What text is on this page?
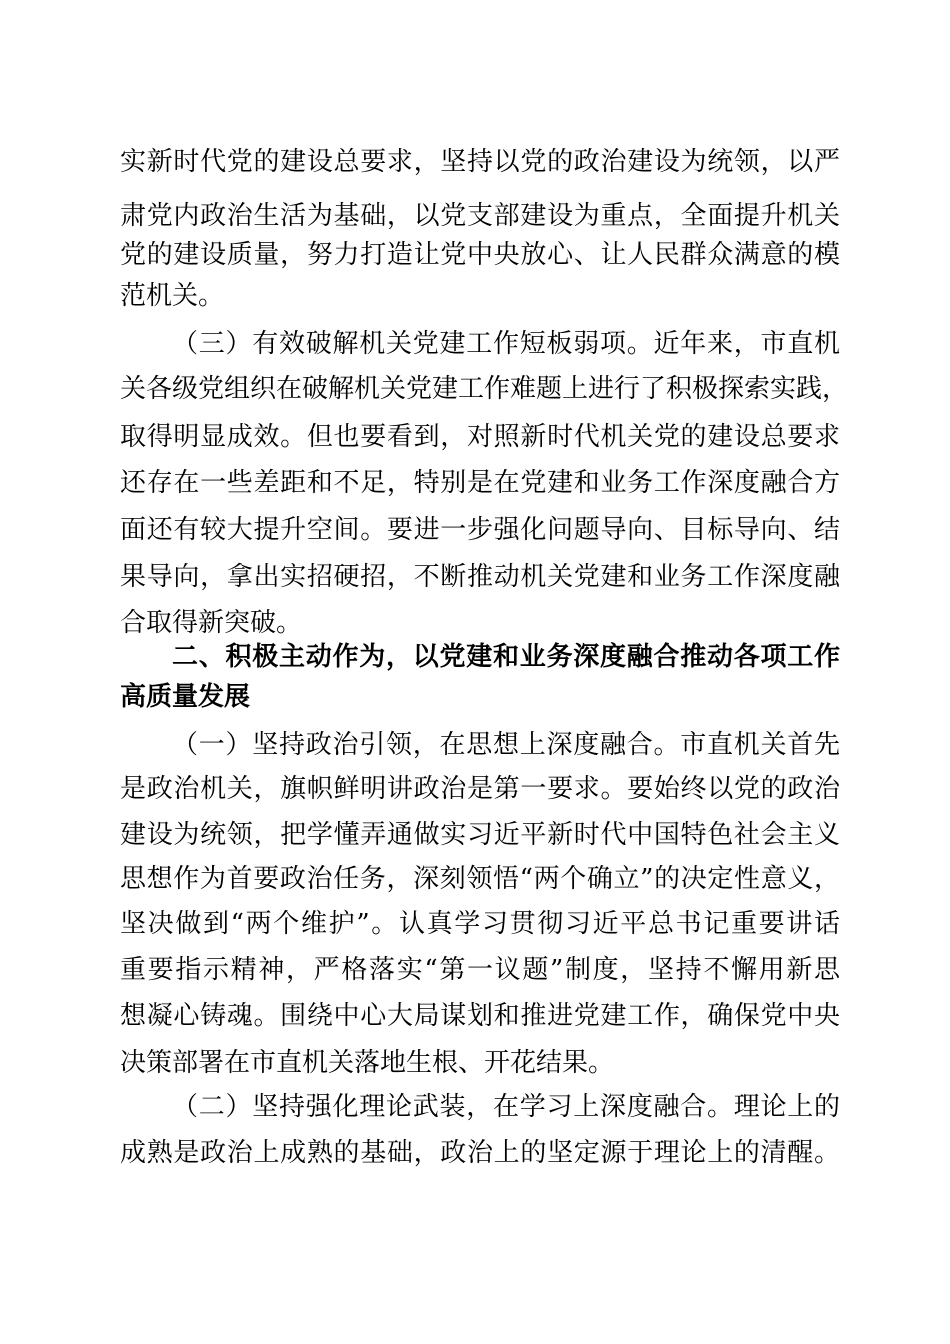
实新时代党的建设总要求，坚持以党的政治建设为统领，以严
肃党内政治生活为基础，以党支部建设为重点，全面提升机关
党的建设质量，努力打造让党中央放心、让人民群众满意的模
范机关。
（三）有效破解机关党建工作短板弱项。近年来，市直机
关各级党组织在破解机关党建工作难题上进行了积极探索实践，
取得明显成效。但也要看到，对照新时代机关党的建设总要求
还存在一些差距和不足，特别是在党建和业务工作深度融合方
面还有较大提升空间。要进一步强化问题导向、目标导向、结
果导向，拿出实招硬招，不断推动机关党建和业务工作深度融
合取得新突破。
二、积极主动作为，以党建和业务深度融合推动各项工作
高质量发展
（一）坚持政治引领，在思想上深度融合。市直机关首先
是政治机关，旗帜鲜明讲政治是第一要求。要始终以党的政治
建设为统领，把学懂弄通做实习近平新时代中国特色社会主义
思想作为首要政治任务，深刻领悟“两个确立”的决定性意义，
坚决做到“两个维护”。认真学习贯彻习近平总书记重要讲话
重要指示精神，严格落实“第一议题”制度，坚持不懈用新思
想凝心铸魂。围绕中心大局谋划和推进党建工作，确保党中央
决策部署在市直机关落地生根、开花结果。
（二）坚持强化理论武装，在学习上深度融合。理论上的
成熟是政治上成熟的基础，政治上的坚定源于理论上的清醒。
